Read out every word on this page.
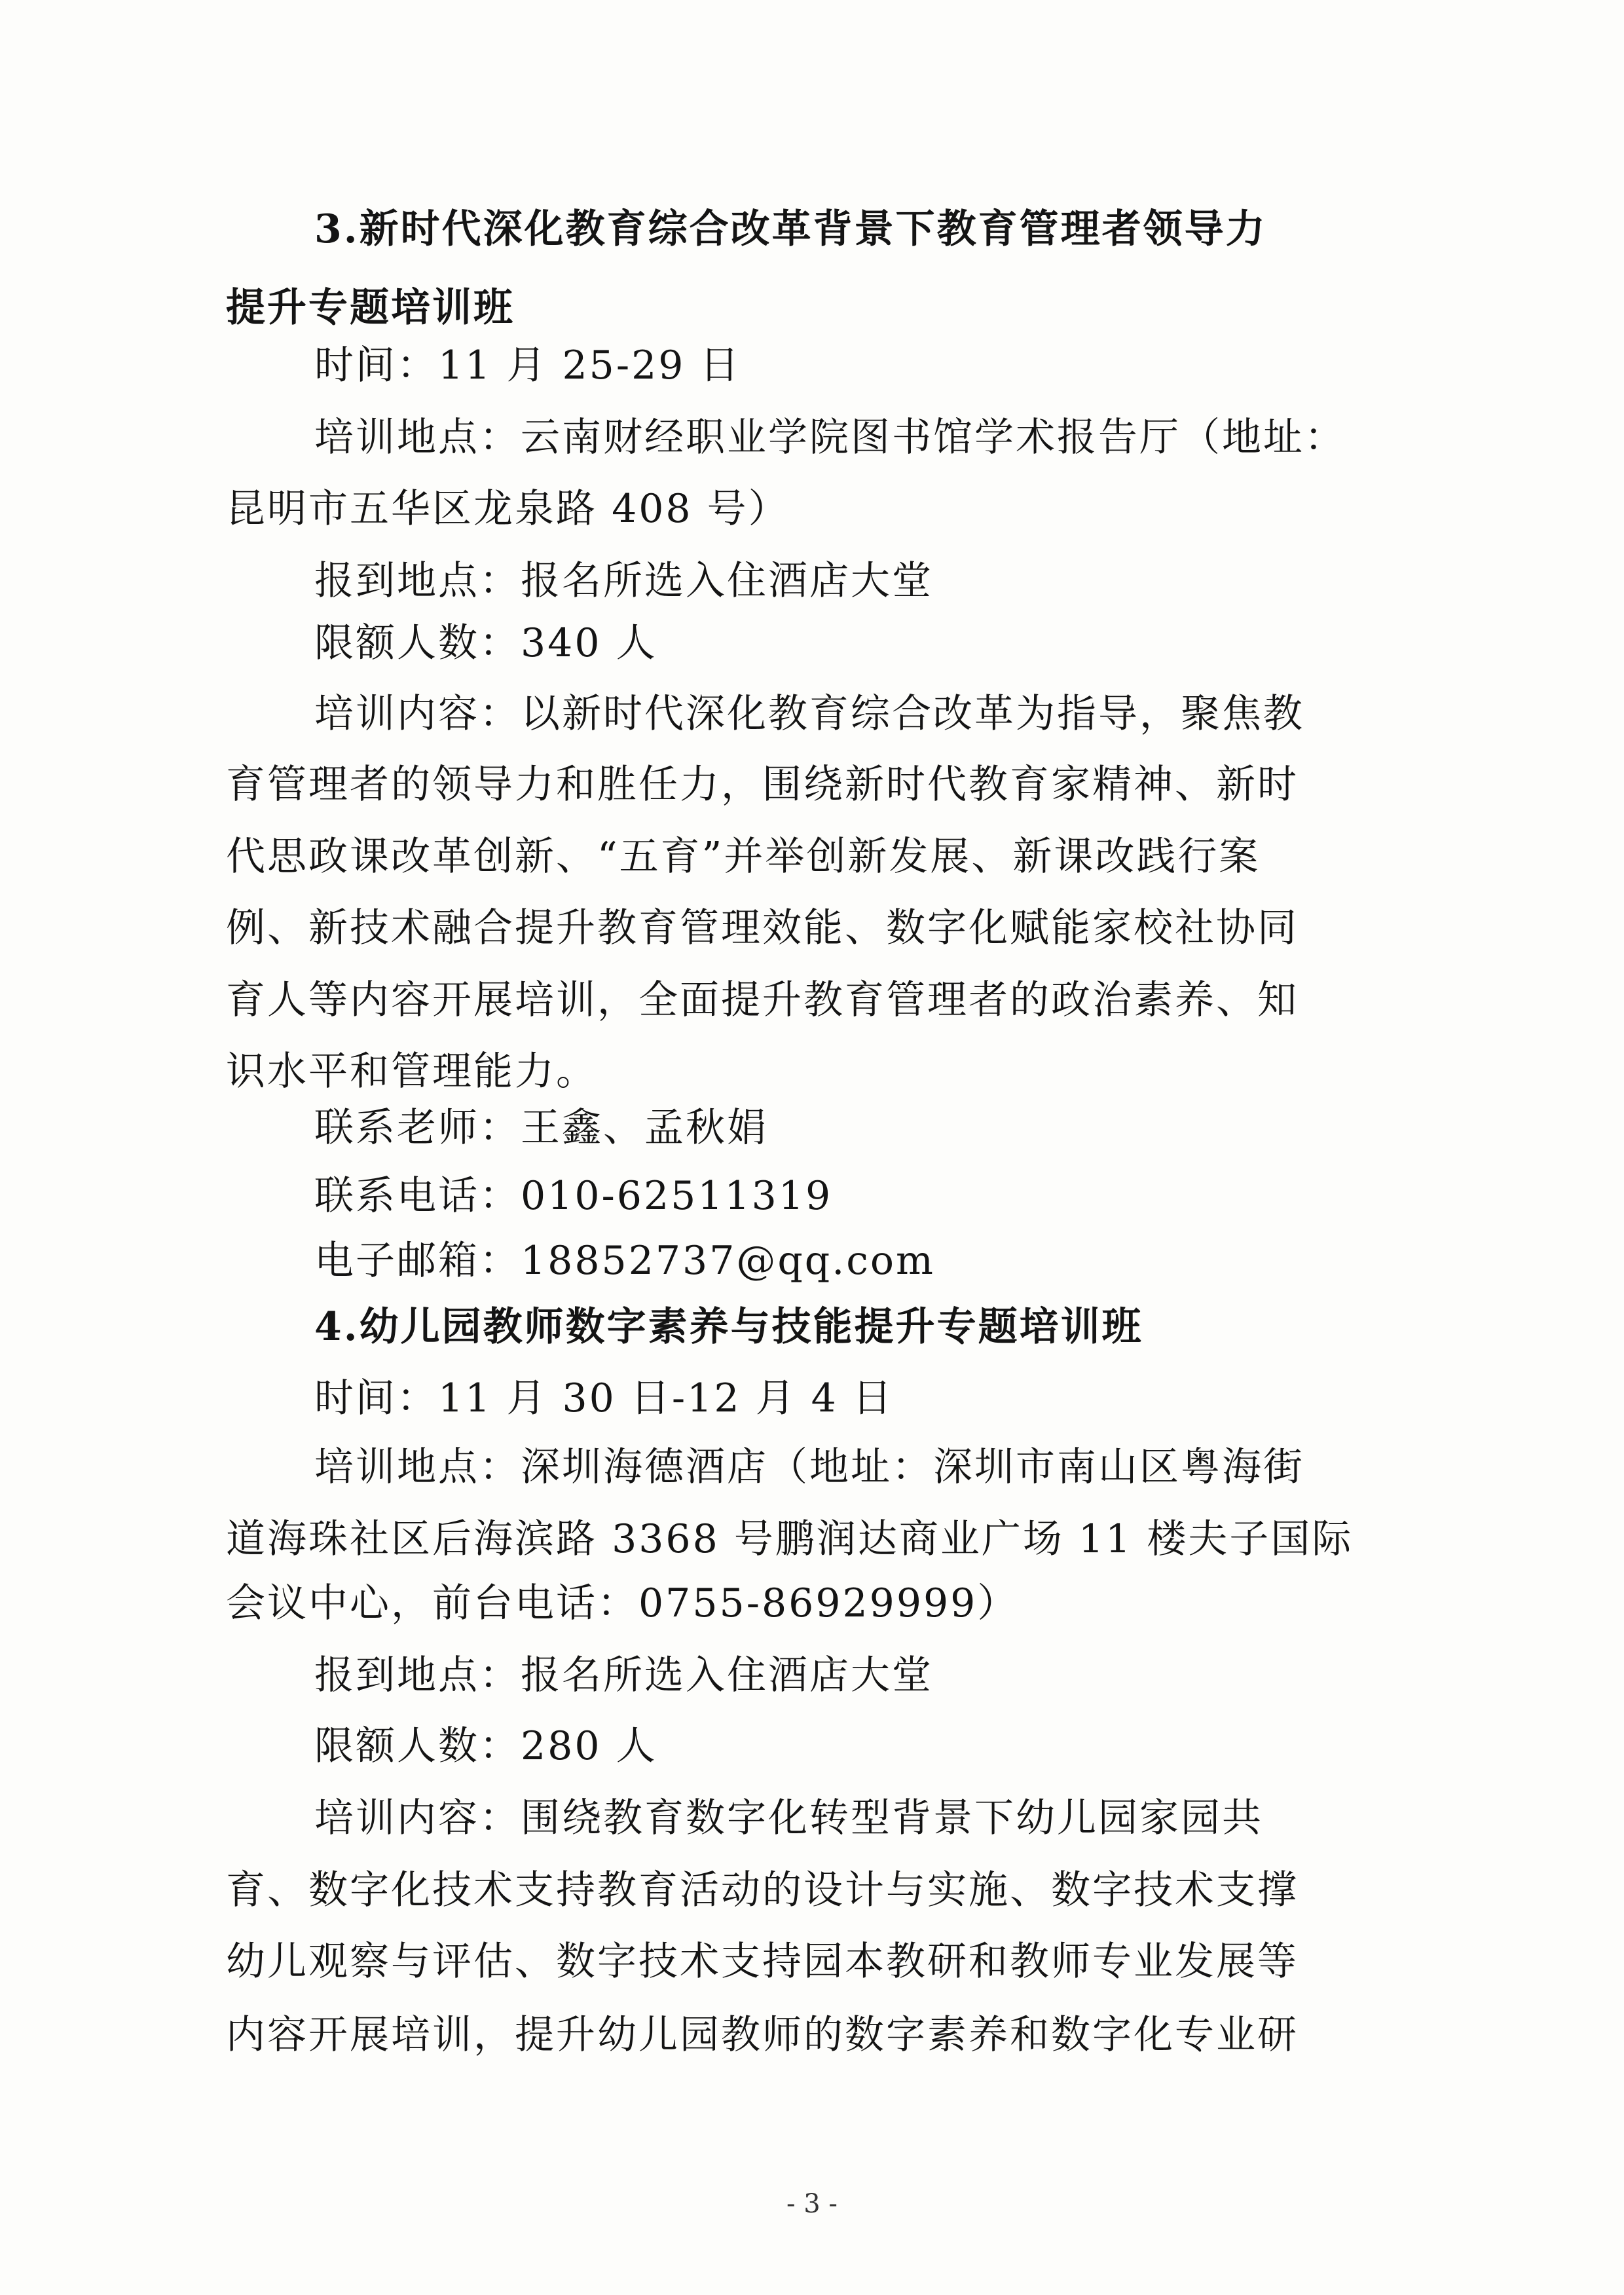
3.新时代深化教育综合改革背景下教育管理者领导力
提升专题培训班
时间：11 月 25-29 日
培训地点：云南财经职业学院图书馆学术报告厅（地址：
昆明市五华区龙泉路 408 号）
报到地点：报名所选入住酒店大堂
限额人数：340 人
培训内容：以新时代深化教育综合改革为指导，聚焦教
育管理者的领导力和胜任力，围绕新时代教育家精神、新时
代思政课改革创新、“五育”并举创新发展、新课改践行案
例、新技术融合提升教育管理效能、数字化赋能家校社协同
育人等内容开展培训，全面提升教育管理者的政治素养、知
识水平和管理能力。
联系老师：王鑫、孟秋娟
联系电话：010-62511319
电子邮箱：18852737@qq.com
4.幼儿园教师数字素养与技能提升专题培训班
时间：11 月 30 日-12 月 4 日
培训地点：深圳海德酒店（地址：深圳市南山区粤海街
道海珠社区后海滨路 3368 号鹏润达商业广场 11 楼夫子国际
会议中心，前台电话：0755-86929999）
报到地点：报名所选入住酒店大堂
限额人数：280 人
培训内容：围绕教育数字化转型背景下幼儿园家园共
育、数字化技术支持教育活动的设计与实施、数字技术支撑
幼儿观察与评估、数字技术支持园本教研和教师专业发展等
内容开展培训，提升幼儿园教师的数字素养和数字化专业研
- 3 -
